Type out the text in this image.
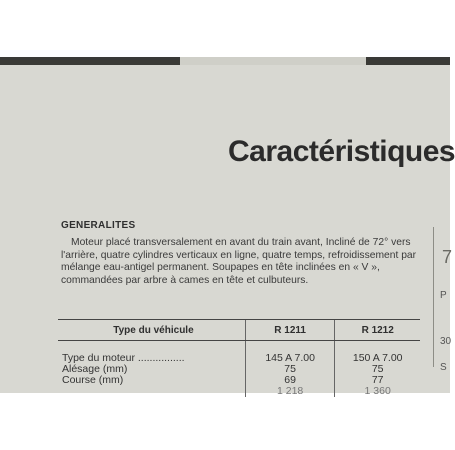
Caractéristiques
GENERALITES

Moteur placé transversalement en avant du train avant, Incliné de 72° vers l'arrière, quatre cylindres verticaux en ligne, quatre temps, refroidissement par mélange eau-antigel permanent. Soupapes en tête inclinées en « V », commandées par arbre à cames en tête et culbuteurs.

Type du véhicule	R 1211	R 1212

Type du moteur ................	145 A 7.00	150 A 7.00
Alésage (mm)	75	75
Course (mm)	69	77
	1 218	1 360
7
P
30
S
